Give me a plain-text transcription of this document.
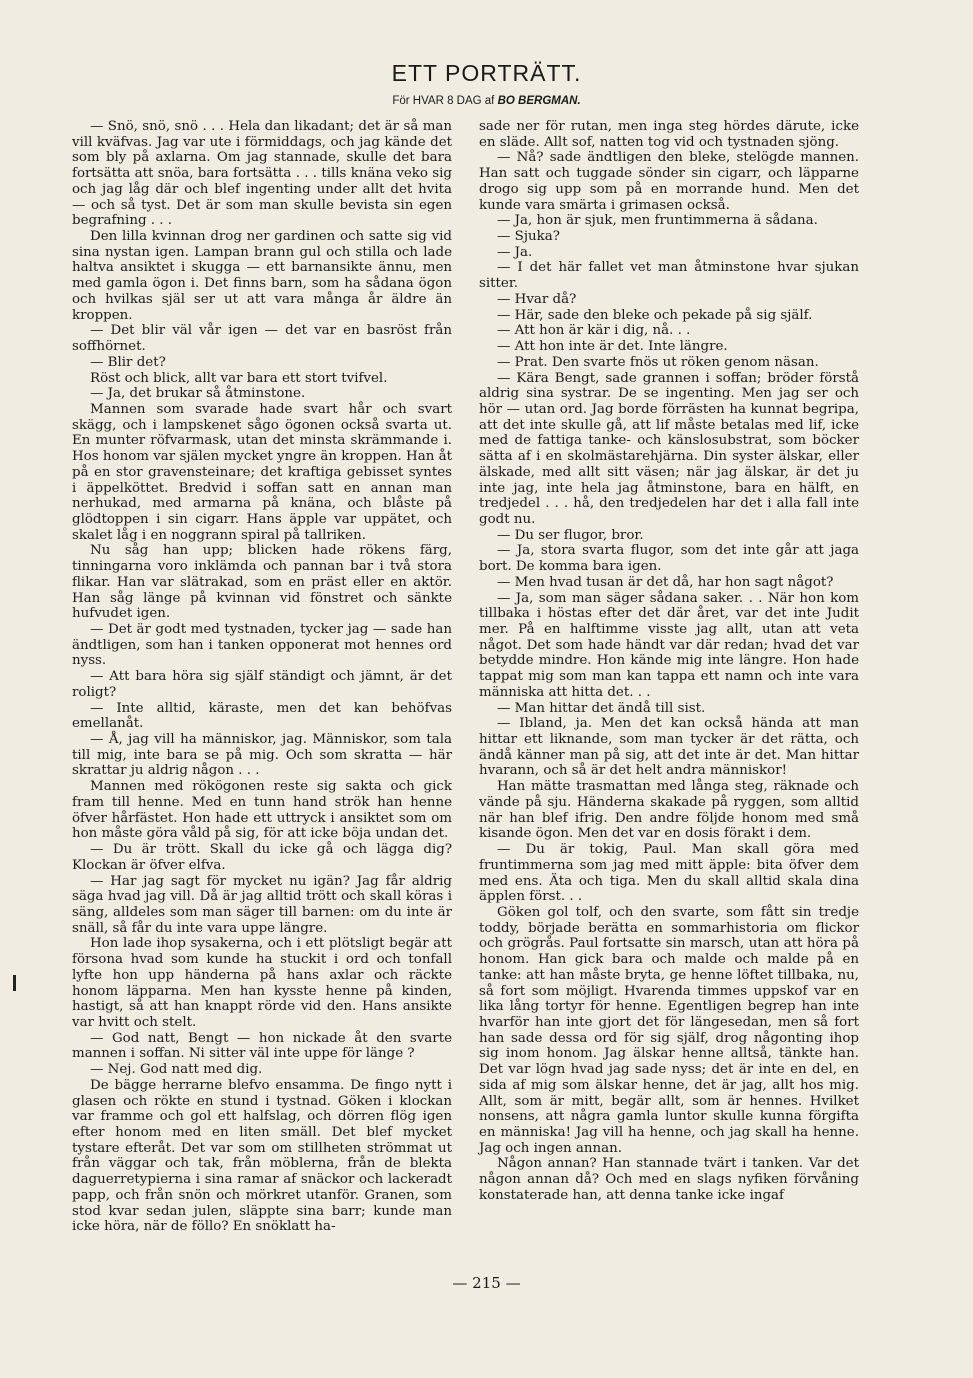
ETT PORTRÄTT.
För HVAR 8 DAG af BO BERGMAN.

— Snö, snö, snö . . . Hela dan likadant; det är så man vill kväfvas. Jag var ute i förmiddags, och jag kände det som bly på axlarna. Om jag stannade, skulle det bara fortsätta att snöa, bara fortsätta . . . tills knäna veko sig och jag låg där och blef ingenting under allt det hvita — och så tyst. Det är som man skulle bevista sin egen begrafning . . .

Den lilla kvinnan drog ner gardinen och satte sig vid sina nystan igen. Lampan brann gul och stilla och lade haltva ansiktet i skugga — ett barnansikte ännu, men med gamla ögon i. Det finns barn, som ha sådana ögon och hvilkas själ ser ut att vara många år äldre än kroppen.

— Det blir väl vår igen — det var en basröst från soffhörnet.

— Blir det?

Röst och blick, allt var bara ett stort tvifvel.

— Ja, det brukar så åtminstone.

Mannen som svarade hade svart hår och svart skägg, och i lampskenet sågo ögonen också svarta ut. En munter röfvarmask, utan det minsta skrämmande i. Hos honom var själen mycket yngre än kroppen. Han åt på en stor gravensteinare; det kraftiga gebisset syntes i äppelköttet. Bredvid i soffan satt en annan man nerhukad, med armarna på knäna, och blåste på glödtoppen i sin cigarr. Hans äpple var uppätet, och skalet låg i en noggrann spiral på tallriken.

Nu såg han upp; blicken hade rökens färg, tinningarna voro inklämda och pannan bar i två stora flikar. Han var slätrakad, som en präst eller en aktör. Han såg länge på kvinnan vid fönstret och sänkte hufvudet igen.

— Det är godt med tystnaden, tycker jag — sade han ändtligen, som han i tanken opponerat mot hennes ord nyss.

— Att bara höra sig själf ständigt och jämnt, är det roligt?

— Inte alltid, käraste, men det kan behöfvas emellanåt.

— Å, jag vill ha människor, jag. Människor, som tala till mig, inte bara se på mig. Och som skratta — här skrattar ju aldrig någon . . .

Mannen med rökögonen reste sig sakta och gick fram till henne. Med en tunn hand strök han henne öfver hårfästet. Hon hade ett uttryck i ansiktet som om hon måste göra våld på sig, för att icke böja undan det.

— Du är trött. Skall du icke gå och lägga dig? Klockan är öfver elfva.

— Har jag sagt för mycket nu igän? Jag får aldrig säga hvad jag vill. Då är jag alltid trött och skall köras i säng, alldeles som man säger till barnen: om du inte är snäll, så får du inte vara uppe längre.

Hon lade ihop sysakerna, och i ett plötsligt begär att försona hvad som kunde ha stuckit i ord och tonfall lyfte hon upp händerna på hans axlar och räckte honom läpparna. Men han kysste henne på kinden, hastigt, så att han knappt rörde vid den. Hans ansikte var hvitt och stelt.

— God natt, Bengt — hon nickade åt den svarte mannen i soffan. Ni sitter väl inte uppe för länge ?

— Nej. God natt med dig.

De bägge herrarne blefvo ensamma. De fingo nytt i glasen och rökte en stund i tystnad. Göken i klockan var framme och gol ett halfslag, och dörren flög igen efter honom med en liten smäll. Det blef mycket tystare efteråt. Det var som om stillheten strömmat ut från väggar och tak, från möblerna, från de blekta daguerretypierna i sina ramar af snäckor och lackeradt papp, och från snön och mörkret utanför. Granen, som stod kvar sedan julen, släppte sina barr; kunde man icke höra, när de föllo? En snöklatt ha-

sade ner för rutan, men inga steg hördes därute, icke en släde. Allt sof, natten tog vid och tystnaden sjöng.

— Nå? sade ändtligen den bleke, stelögde mannen. Han satt och tuggade sönder sin cigarr, och läpparne drogo sig upp som på en morrande hund. Men det kunde vara smärta i grimasen också.

— Ja, hon är sjuk, men fruntimmerna ä sådana.

— Sjuka?

— Ja.

— I det här fallet vet man åtminstone hvar sjukan sitter.

— Hvar då?

— Här, sade den bleke och pekade på sig själf.

— Att hon är kär i dig, nå. . .

— Att hon inte är det. Inte längre.

— Prat. Den svarte fnös ut röken genom näsan.

— Kära Bengt, sade grannen i soffan; bröder förstå aldrig sina systrar. De se ingenting. Men jag ser och hör — utan ord. Jag borde förrästen ha kunnat begripa, att det inte skulle gå, att lif måste betalas med lif, icke med de fattiga tanke- och känslosubstrat, som böcker sätta af i en skolmästarehjärna. Din syster älskar, eller älskade, med allt sitt väsen; när jag älskar, är det ju inte jag, inte hela jag åtminstone, bara en hälft, en tredjedel . . . hå, den tredjedelen har det i alla fall inte godt nu.

— Du ser flugor, bror.

— Ja, stora svarta flugor, som det inte går att jaga bort. De komma bara igen.

— Men hvad tusan är det då, har hon sagt något?

— Ja, som man säger sådana saker. . . När hon kom tillbaka i höstas efter det där året, var det inte Judit mer. På en halftimme visste jag allt, utan att veta något. Det som hade händt var där redan; hvad det var betydde mindre. Hon kände mig inte längre. Hon hade tappat mig som man kan tappa ett namn och inte vara människa att hitta det. . .

— Man hittar det ändå till sist.

— Ibland, ja. Men det kan också hända att man hittar ett liknande, som man tycker är det rätta, och ändå känner man på sig, att det inte är det. Man hittar hvarann, och så är det helt andra människor!

Han mätte trasmattan med långa steg, räknade och vände på sju. Händerna skakade på ryggen, som alltid när han blef ifrig. Den andre följde honom med små kisande ögon. Men det var en dosis förakt i dem.

— Du är tokig, Paul. Man skall göra med fruntimmerna som jag med mitt äpple: bita öfver dem med ens. Äta och tiga. Men du skall alltid skala dina äpplen först. . .

Göken gol tolf, och den svarte, som fått sin tredje toddy, började berätta en sommarhistoria om flickor och grögrås. Paul fortsatte sin marsch, utan att höra på honom. Han gick bara och malde och malde på en tanke: att han måste bryta, ge henne löftet tillbaka, nu, så fort som möjligt. Hvarenda timmes uppskof var en lika lång tortyr för henne. Egentligen begrep han inte hvarför han inte gjort det för längesedan, men så fort han sade dessa ord för sig själf, drog någonting ihop sig inom honom. Jag älskar henne alltså, tänkte han. Det var lögn hvad jag sade nyss; det är inte en del, en sida af mig som älskar henne, det är jag, allt hos mig. Allt, som är mitt, begär allt, som är hennes. Hvilket nonsens, att några gamla luntor skulle kunna förgifta en människa! Jag vill ha henne, och jag skall ha henne. Jag och ingen annan.

Någon annan? Han stannade tvärt i tanken. Var det någon annan då? Och med en slags nyfiken förvåning konstaterade han, att denna tanke icke ingaf

— 215 —
